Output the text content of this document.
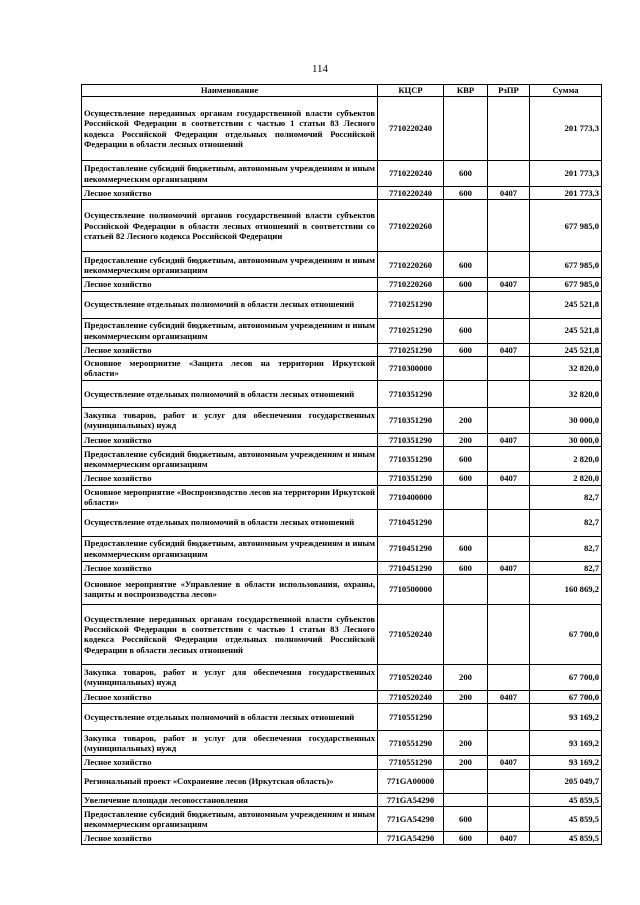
114
Наименование	КЦСР	КВР	РзПР	Сумма
Осуществление переданных органам государственной власти субъектов Российской Федерации в соответствии с частью 1 статьи 83 Лесного кодекса Российской Федерации отдельных полномочий Российской Федерации в области лесных отношений	7710220240			201 773,3
Предоставление субсидий бюджетным, автономным учреждениям и иным некоммерческим организациям	7710220240	600		201 773,3
Лесное хозяйство	7710220240	600	0407	201 773,3
Осуществление полномочий органов государственной власти субъектов Российской Федерации в области лесных отношений в соответствии со статьей 82 Лесного кодекса Российской Федерации	7710220260			677 985,0
Предоставление субсидий бюджетным, автономным учреждениям и иным некоммерческим организациям	7710220260	600		677 985,0
Лесное хозяйство	7710220260	600	0407	677 985,0
Осуществление отдельных полномочий в области лесных отношений	7710251290			245 521,8
Предоставление субсидий бюджетным, автономным учреждениям и иным некоммерческим организациям	7710251290	600		245 521,8
Лесное хозяйство	7710251290	600	0407	245 521,8
Основное мероприятие «Защита лесов на территории Иркутской области»	7710300000			32 820,0
Осуществление отдельных полномочий в области лесных отношений	7710351290			32 820,0
Закупка товаров, работ и услуг для обеспечения государственных (муниципальных) нужд	7710351290	200		30 000,0
Лесное хозяйство	7710351290	200	0407	30 000,0
Предоставление субсидий бюджетным, автономным учреждениям и иным некоммерческим организациям	7710351290	600		2 820,0
Лесное хозяйство	7710351290	600	0407	2 820,0
Основное мероприятие «Воспроизводство лесов на территории Иркутской области»	7710400000			82,7
Осуществление отдельных полномочий в области лесных отношений	7710451290			82,7
Предоставление субсидий бюджетным, автономным учреждениям и иным некоммерческим организациям	7710451290	600		82,7
Лесное хозяйство	7710451290	600	0407	82,7
Основное мероприятие «Управление в области использования, охраны, защиты и воспроизводства лесов»	7710500000			160 869,2
Осуществление переданных органам государственной власти субъектов Российской Федерации в соответствии с частью 1 статьи 83 Лесного кодекса Российской Федерации отдельных полномочий Российской Федерации в области лесных отношений	7710520240			67 700,0
Закупка товаров, работ и услуг для обеспечения государственных (муниципальных) нужд	7710520240	200		67 700,0
Лесное хозяйство	7710520240	200	0407	67 700,0
Осуществление отдельных полномочий в области лесных отношений	7710551290			93 169,2
Закупка товаров, работ и услуг для обеспечения государственных (муниципальных) нужд	7710551290	200		93 169,2
Лесное хозяйство	7710551290	200	0407	93 169,2
Региональный проект «Сохранение лесов (Иркутская область)»	771GA00000			205 049,7
Увеличение площади лесовосстановления	771GA54290			45 859,5
Предоставление субсидий бюджетным, автономным учреждениям и иным некоммерческим организациям	771GA54290	600		45 859,5
Лесное хозяйство	771GA54290	600	0407	45 859,5
